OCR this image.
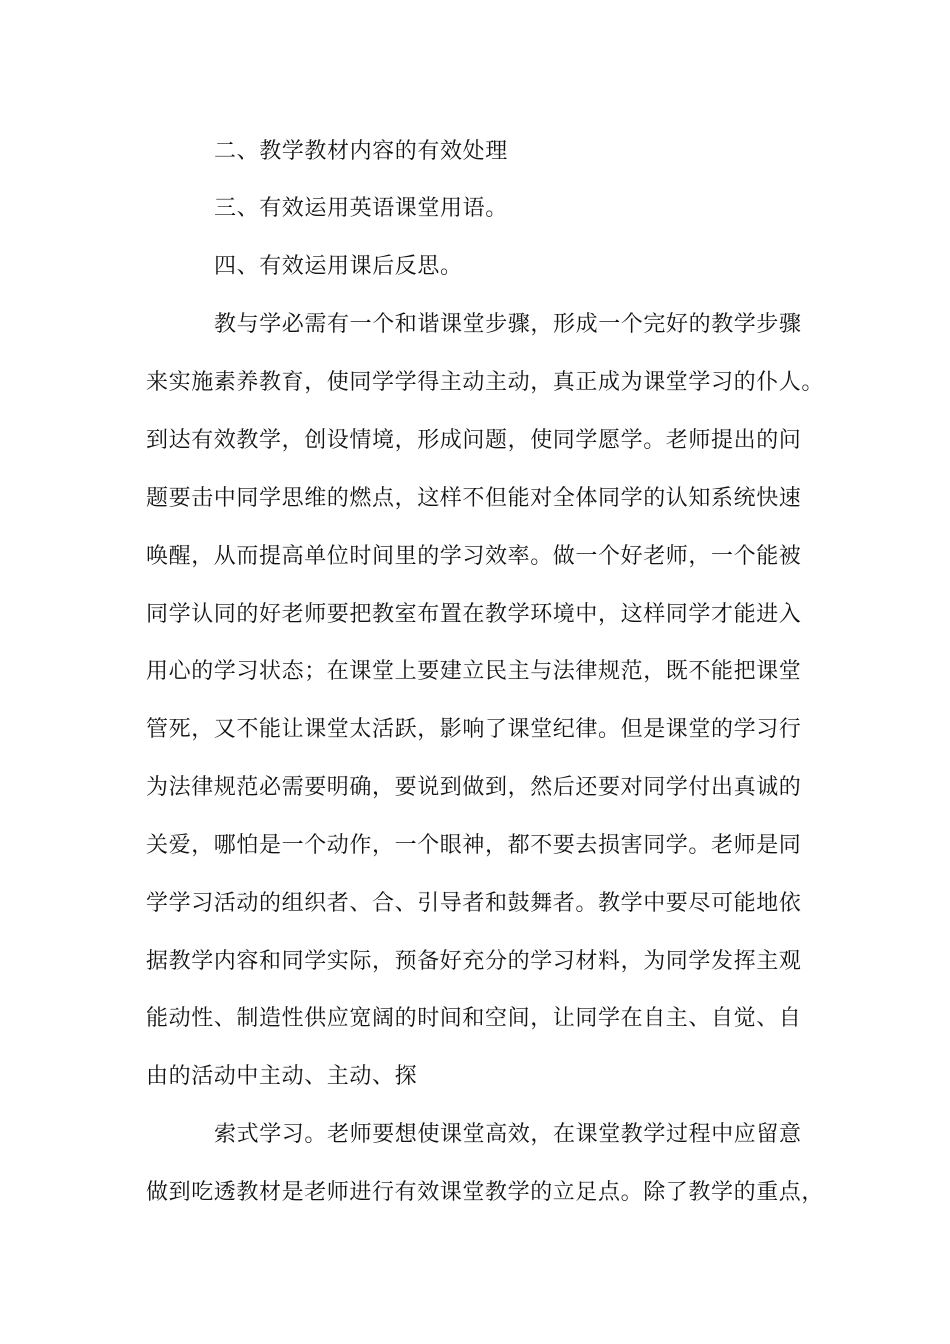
二、教学教材内容的有效处理
三、有效运用英语课堂用语。
四、有效运用课后反思。
教与学必需有一个和谐课堂步骤，形成一个完好的教学步骤
来实施素养教育，使同学学得主动主动，真正成为课堂学习的仆人。
到达有效教学，创设情境，形成问题，使同学愿学。老师提出的问
题要击中同学思维的燃点，这样不但能对全体同学的认知系统快速
唤醒，从而提高单位时间里的学习效率。做一个好老师，一个能被
同学认同的好老师要把教室布置在教学环境中，这样同学才能进入
用心的学习状态；在课堂上要建立民主与法律规范，既不能把课堂
管死，又不能让课堂太活跃，影响了课堂纪律。但是课堂的学习行
为法律规范必需要明确，要说到做到，然后还要对同学付出真诚的
关爱，哪怕是一个动作，一个眼神，都不要去损害同学。老师是同
学学习活动的组织者、合、引导者和鼓舞者。教学中要尽可能地依
据教学内容和同学实际，预备好充分的学习材料，为同学发挥主观
能动性、制造性供应宽阔的时间和空间，让同学在自主、自觉、自
由的活动中主动、主动、探
索式学习。老师要想使课堂高效，在课堂教学过程中应留意
做到吃透教材是老师进行有效课堂教学的立足点。除了教学的重点，
